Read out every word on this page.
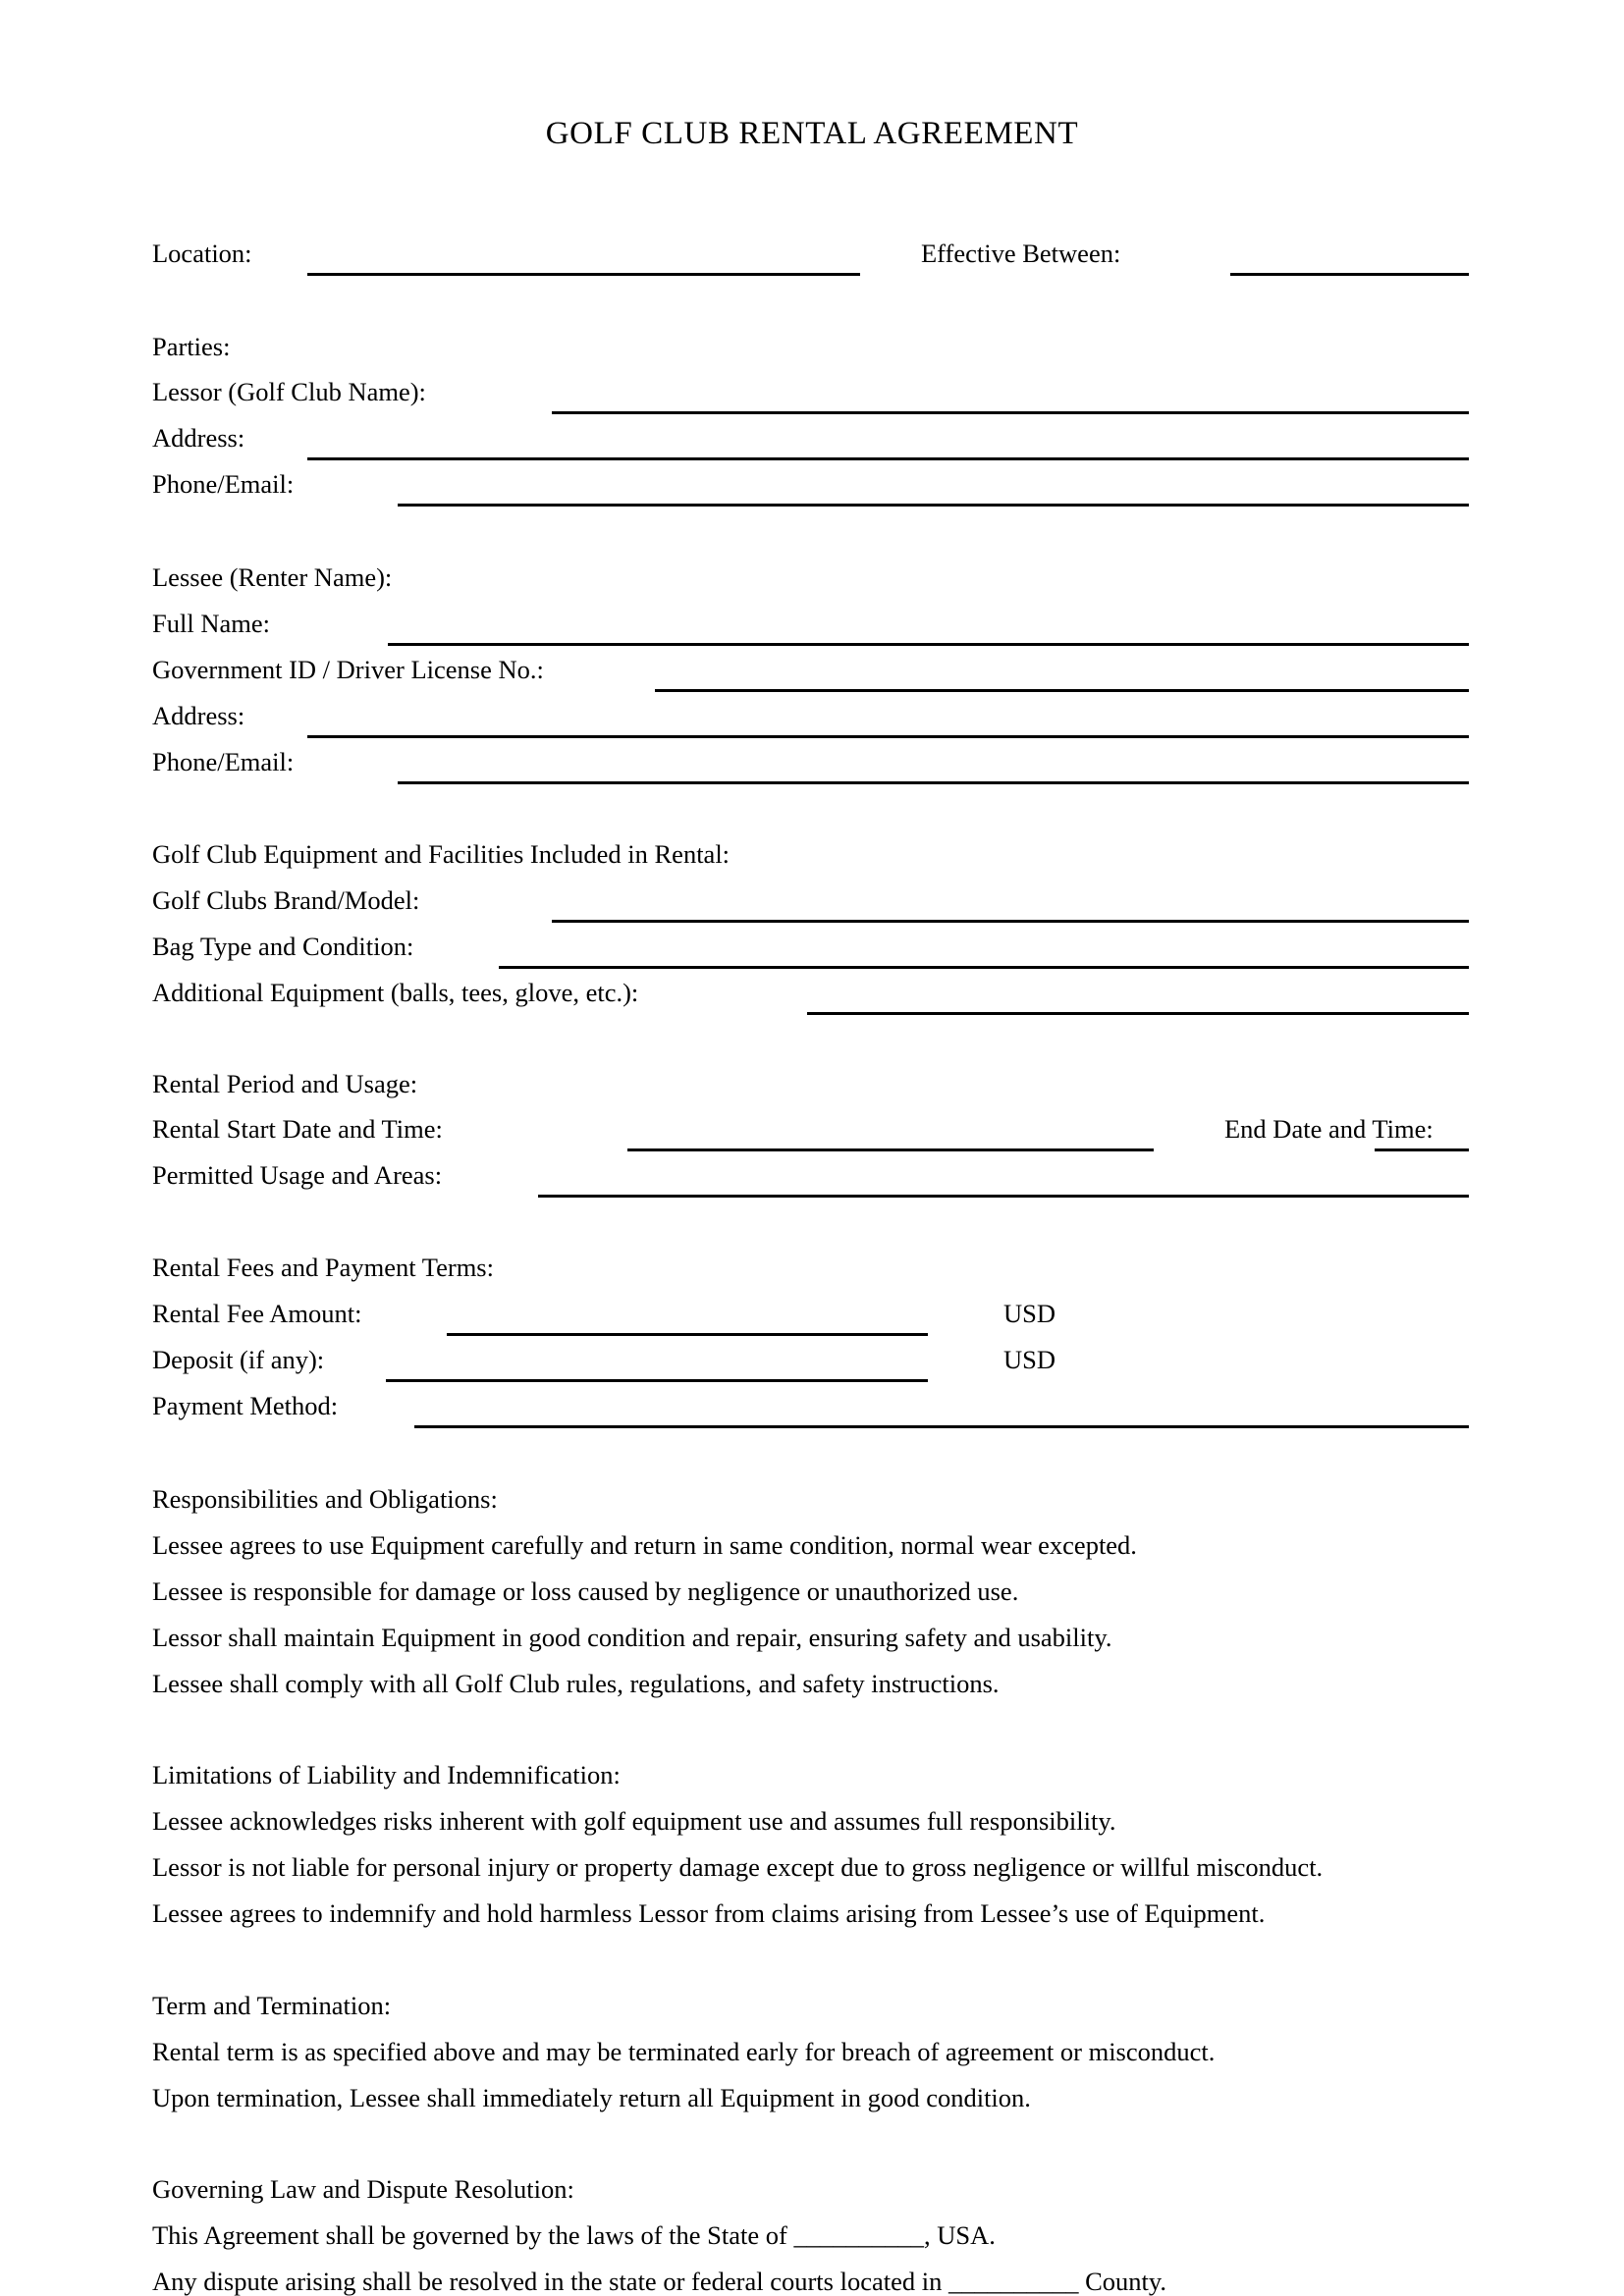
GOLF CLUB RENTAL AGREEMENT
Location:	Effective Between:
Parties:
Lessor (Golf Club Name):
Address:
Phone/Email:
Lessee (Renter Name):
Full Name:
Government ID / Driver License No.:
Address:
Phone/Email:
Golf Club Equipment and Facilities Included in Rental:
Golf Clubs Brand/Model:
Bag Type and Condition:
Additional Equipment (balls, tees, glove, etc.):
Rental Period and Usage:
Rental Start Date and Time:	End Date and Time:
Permitted Usage and Areas:
Rental Fees and Payment Terms:
Rental Fee Amount:	USD
Deposit (if any):	USD
Payment Method:
Responsibilities and Obligations:
Lessee agrees to use Equipment carefully and return in same condition, normal wear excepted.
Lessee is responsible for damage or loss caused by negligence or unauthorized use.
Lessor shall maintain Equipment in good condition and repair, ensuring safety and usability.
Lessee shall comply with all Golf Club rules, regulations, and safety instructions.
Limitations of Liability and Indemnification:
Lessee acknowledges risks inherent with golf equipment use and assumes full responsibility.
Lessor is not liable for personal injury or property damage except due to gross negligence or willful misconduct.
Lessee agrees to indemnify and hold harmless Lessor from claims arising from Lessee’s use of Equipment.
Term and Termination:
Rental term is as specified above and may be terminated early for breach of agreement or misconduct.
Upon termination, Lessee shall immediately return all Equipment in good condition.
Governing Law and Dispute Resolution:
This Agreement shall be governed by the laws of the State of __________, USA.
Any dispute arising shall be resolved in the state or federal courts located in __________ County.
